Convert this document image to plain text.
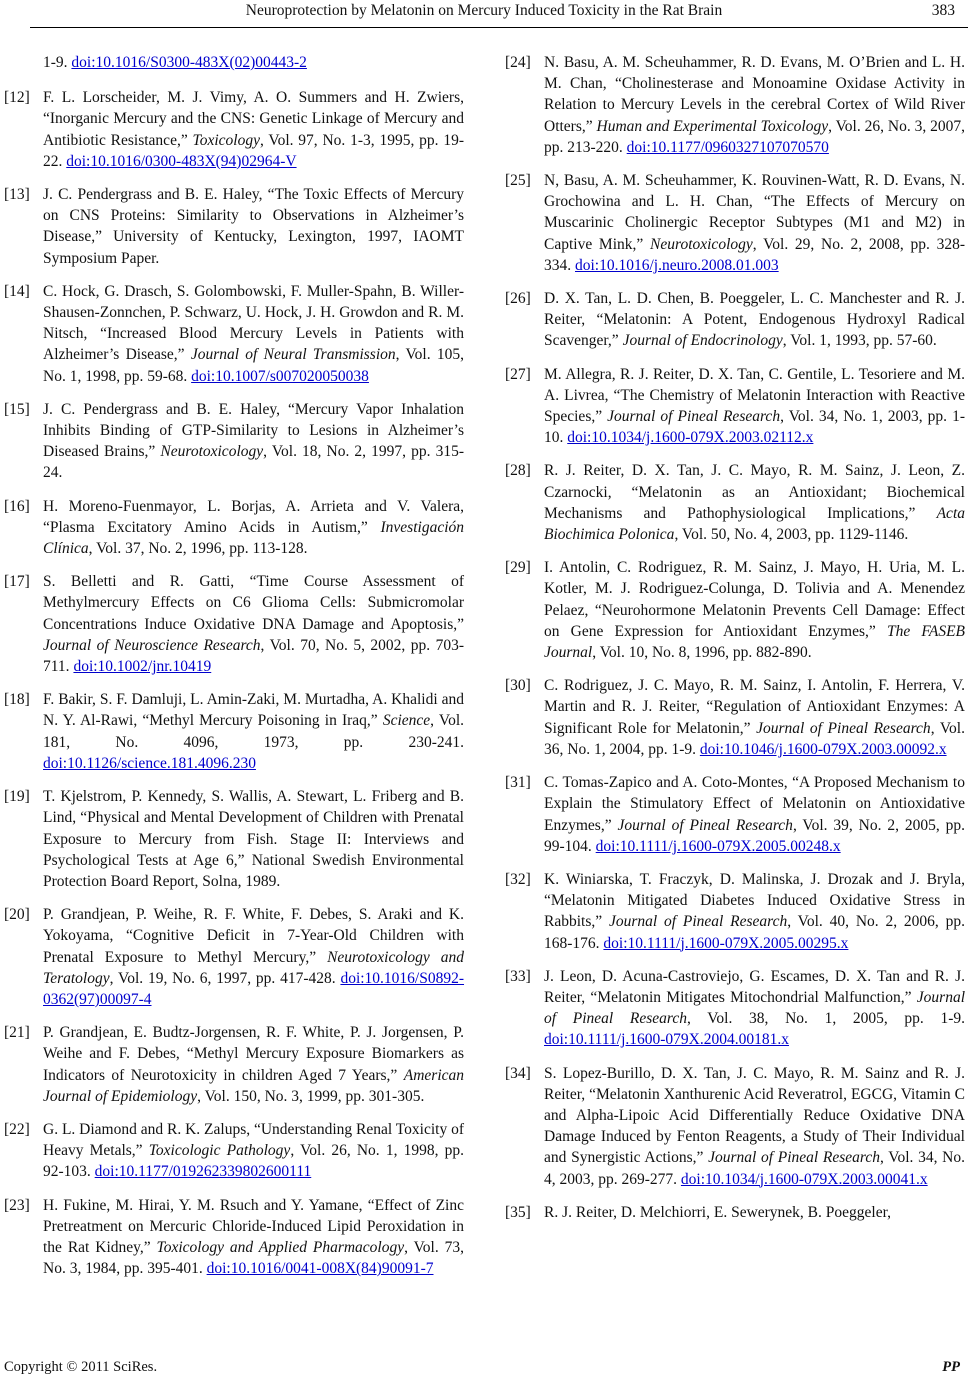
Neuroprotection by Melatonin on Mercury Induced Toxicity in the Rat Brain	383
1-9. doi:10.1016/S0300-483X(02)00443-2
[12] F. L. Lorscheider, M. J. Vimy, A. O. Summers and H. Zwiers, “Inorganic Mercury and the CNS: Genetic Linkage of Mercury and Antibiotic Resistance,” Toxicology, Vol. 97, No. 1-3, 1995, pp. 19-22. doi:10.1016/0300-483X(94)02964-V
[13] J. C. Pendergrass and B. E. Haley, “The Toxic Effects of Mercury on CNS Proteins: Similarity to Observations in Alzheimer’s Disease,” University of Kentucky, Lexington, 1997, IAOMT Symposium Paper.
[14] C. Hock, G. Drasch, S. Golombowski, F. Muller-Spahn, B. Willer-Shausen-Zonnchen, P. Schwarz, U. Hock, J. H. Growdon and R. M. Nitsch, “Increased Blood Mercury Levels in Patients with Alzheimer’s Disease,” Journal of Neural Transmission, Vol. 105, No. 1, 1998, pp. 59-68. doi:10.1007/s007020050038
[15] J. C. Pendergrass and B. E. Haley, “Mercury Vapor Inhalation Inhibits Binding of GTP-Similarity to Lesions in Alzheimer’s Diseased Brains,” Neurotoxicology, Vol. 18, No. 2, 1997, pp. 315-24.
[16] H. Moreno-Fuenmayor, L. Borjas, A. Arrieta and V. Valera, “Plasma Excitatory Amino Acids in Autism,” Investigación Clínica, Vol. 37, No. 2, 1996, pp. 113-128.
[17] S. Belletti and R. Gatti, “Time Course Assessment of Methylmercury Effects on C6 Glioma Cells: Submicromolar Concentrations Induce Oxidative DNA Damage and Apoptosis,” Journal of Neuroscience Research, Vol. 70, No. 5, 2002, pp. 703-711. doi:10.1002/jnr.10419
[18] F. Bakir, S. F. Damluji, L. Amin-Zaki, M. Murtadha, A. Khalidi and N. Y. Al-Rawi, “Methyl Mercury Poisoning in Iraq,” Science, Vol. 181, No. 4096, 1973, pp. 230-241. doi:10.1126/science.181.4096.230
[19] T. Kjelstrom, P. Kennedy, S. Wallis, A. Stewart, L. Friberg and B. Lind, “Physical and Mental Development of Children with Prenatal Exposure to Mercury from Fish. Stage II: Interviews and Psychological Tests at Age 6,” National Swedish Environmental Protection Board Report, Solna, 1989.
[20] P. Grandjean, P. Weihe, R. F. White, F. Debes, S. Araki and K. Yokoyama, “Cognitive Deficit in 7-Year-Old Children with Prenatal Exposure to Methyl Mercury,” Neurotoxicology and Teratology, Vol. 19, No. 6, 1997, pp. 417-428. doi:10.1016/S0892-0362(97)00097-4
[21] P. Grandjean, E. Budtz-Jorgensen, R. F. White, P. J. Jorgensen, P. Weihe and F. Debes, “Methyl Mercury Exposure Biomarkers as Indicators of Neurotoxicity in children Aged 7 Years,” American Journal of Epidemiology, Vol. 150, No. 3, 1999, pp. 301-305.
[22] G. L. Diamond and R. K. Zalups, “Understanding Renal Toxicity of Heavy Metals,” Toxicologic Pathology, Vol. 26, No. 1, 1998, pp. 92-103. doi:10.1177/019262339802600111
[23] H. Fukine, M. Hirai, Y. M. Rsuch and Y. Yamane, “Effect of Zinc Pretreatment on Mercuric Chloride-Induced Lipid Peroxidation in the Rat Kidney,” Toxicology and Applied Pharmacology, Vol. 73, No. 3, 1984, pp. 395-401. doi:10.1016/0041-008X(84)90091-7
[24] N. Basu, A. M. Scheuhammer, R. D. Evans, M. O’Brien and L. H. M. Chan, “Cholinesterase and Monoamine Oxidase Activity in Relation to Mercury Levels in the cerebral Cortex of Wild River Otters,” Human and Experimental Toxicology, Vol. 26, No. 3, 2007, pp. 213-220. doi:10.1177/0960327107070570
[25] N, Basu, A. M. Scheuhammer, K. Rouvinen-Watt, R. D. Evans, N. Grochowina and L. H. Chan, “The Effects of Mercury on Muscarinic Cholinergic Receptor Subtypes (M1 and M2) in Captive Mink,” Neurotoxicology, Vol. 29, No. 2, 2008, pp. 328-334. doi:10.1016/j.neuro.2008.01.003
[26] D. X. Tan, L. D. Chen, B. Poeggeler, L. C. Manchester and R. J. Reiter, “Melatonin: A Potent, Endogenous Hydroxyl Radical Scavenger,” Journal of Endocrinology, Vol. 1, 1993, pp. 57-60.
[27] M. Allegra, R. J. Reiter, D. X. Tan, C. Gentile, L. Tesoriere and M. A. Livrea, “The Chemistry of Melatonin Interaction with Reactive Species,” Journal of Pineal Research, Vol. 34, No. 1, 2003, pp. 1-10. doi:10.1034/j.1600-079X.2003.02112.x
[28] R. J. Reiter, D. X. Tan, J. C. Mayo, R. M. Sainz, J. Leon, Z. Czarnocki, “Melatonin as an Antioxidant; Biochemical Mechanisms and Pathophysiological Implications,” Acta Biochimica Polonica, Vol. 50, No. 4, 2003, pp. 1129-1146.
[29] I. Antolin, C. Rodriguez, R. M. Sainz, J. Mayo, H. Uria, M. L. Kotler, M. J. Rodriguez-Colunga, D. Tolivia and A. Menendez Pelaez, “Neurohormone Melatonin Prevents Cell Damage: Effect on Gene Expression for Antioxidant Enzymes,” The FASEB Journal, Vol. 10, No. 8, 1996, pp. 882-890.
[30] C. Rodriguez, J. C. Mayo, R. M. Sainz, I. Antolin, F. Herrera, V. Martin and R. J. Reiter, “Regulation of Antioxidant Enzymes: A Significant Role for Melatonin,” Journal of Pineal Research, Vol. 36, No. 1, 2004, pp. 1-9. doi:10.1046/j.1600-079X.2003.00092.x
[31] C. Tomas-Zapico and A. Coto-Montes, “A Proposed Mechanism to Explain the Stimulatory Effect of Melatonin on Antioxidative Enzymes,” Journal of Pineal Research, Vol. 39, No. 2, 2005, pp. 99-104. doi:10.1111/j.1600-079X.2005.00248.x
[32] K. Winiarska, T. Fraczyk, D. Malinska, J. Drozak and J. Bryla, “Melatonin Mitigated Diabetes Induced Oxidative Stress in Rabbits,” Journal of Pineal Research, Vol. 40, No. 2, 2006, pp. 168-176. doi:10.1111/j.1600-079X.2005.00295.x
[33] J. Leon, D. Acuna-Castroviejo, G. Escames, D. X. Tan and R. J. Reiter, “Melatonin Mitigates Mitochondrial Malfunction,” Journal of Pineal Research, Vol. 38, No. 1, 2005, pp. 1-9. doi:10.1111/j.1600-079X.2004.00181.x
[34] S. Lopez-Burillo, D. X. Tan, J. C. Mayo, R. M. Sainz and R. J. Reiter, “Melatonin Xanthurenic Acid Reveratrol, EGCG, Vitamin C and Alpha-Lipoic Acid Differentially Reduce Oxidative DNA Damage Induced by Fenton Reagents, a Study of Their Individual and Synergistic Actions,” Journal of Pineal Research, Vol. 34, No. 4, 2003, pp. 269-277. doi:10.1034/j.1600-079X.2003.00041.x
[35] R. J. Reiter, D. Melchiorri, E. Sewerynek, B. Poeggeler,
Copyright © 2011 SciRes.	PP
